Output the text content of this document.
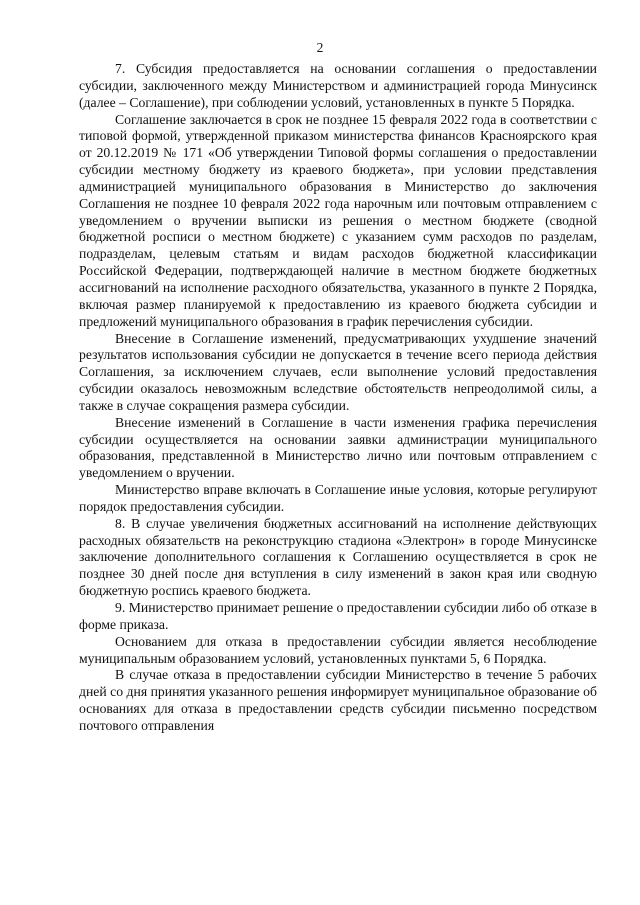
2

7. Субсидия предоставляется на основании соглашения о предоставлении субсидии, заключенного между Министерством и администрацией города Минусинск (далее – Соглашение), при соблюдении условий, установленных в пункте 5 Порядка.

Соглашение заключается в срок не позднее 15 февраля 2022 года в соответствии с типовой формой, утвержденной приказом министерства финансов Красноярского края от 20.12.2019 № 171 «Об утверждении Типовой формы соглашения о предоставлении субсидии местному бюджету из краевого бюджета», при условии представления администрацией муниципального образования в Министерство до заключения Соглашения не позднее 10 февраля 2022 года нарочным или почтовым отправлением с уведомлением о вручении выписки из решения о местном бюджете (сводной бюджетной росписи о местном бюджете) с указанием сумм расходов по разделам, подразделам, целевым статьям и видам расходов бюджетной классификации Российской Федерации, подтверждающей наличие в местном бюджете бюджетных ассигнований на исполнение расходного обязательства, указанного в пункте 2 Порядка, включая размер планируемой к предоставлению из краевого бюджета субсидии и предложений муниципального образования в график перечисления субсидии.

Внесение в Соглашение изменений, предусматривающих ухудшение значений результатов использования субсидии не допускается в течение всего периода действия Соглашения, за исключением случаев, если выполнение условий предоставления субсидии оказалось невозможным вследствие обстоятельств непреодолимой силы, а также в случае сокращения размера субсидии.

Внесение изменений в Соглашение в части изменения графика перечисления субсидии осуществляется на основании заявки администрации муниципального образования, представленной в Министерство лично или почтовым отправлением с уведомлением о вручении.

Министерство вправе включать в Соглашение иные условия, которые регулируют порядок предоставления субсидии.

8. В случае увеличения бюджетных ассигнований на исполнение действующих расходных обязательств на реконструкцию стадиона «Электрон» в городе Минусинске заключение дополнительного соглашения к Соглашению осуществляется в срок не позднее 30 дней после дня вступления в силу изменений в закон края или сводную бюджетную роспись краевого бюджета.

9. Министерство принимает решение о предоставлении субсидии либо об отказе в форме приказа.

Основанием для отказа в предоставлении субсидии является несоблюдение муниципальным образованием условий, установленных пунктами 5, 6 Порядка.

В случае отказа в предоставлении субсидии Министерство в течение 5 рабочих дней со дня принятия указанного решения информирует муниципальное образование об основаниях для отказа в предоставлении средств субсидии письменно посредством почтового отправления
